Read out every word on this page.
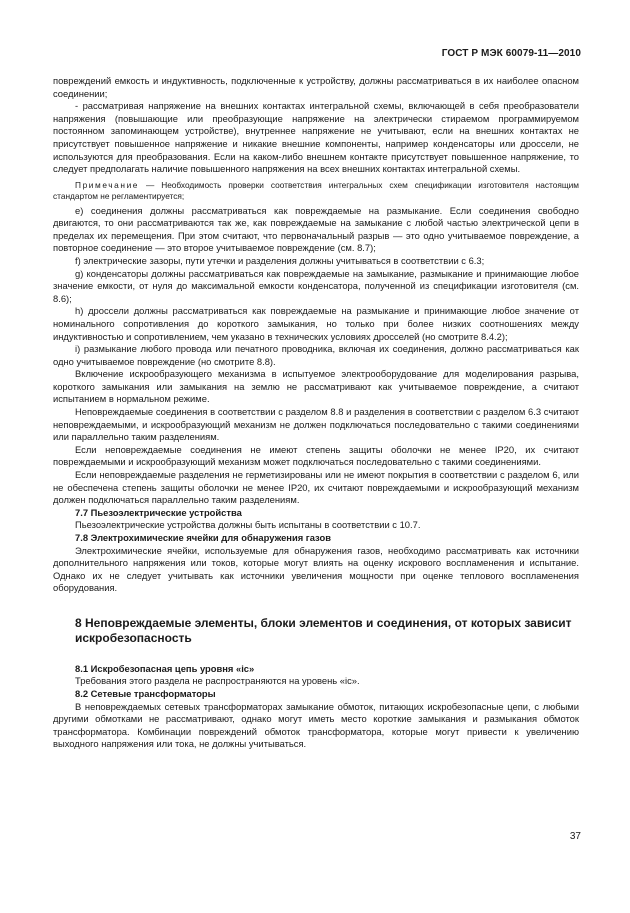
ГОСТ Р МЭК 60079-11—2010

повреждений емкость и индуктивность, подключенные к устройству, должны рассматриваться в их наиболее опасном соединении;

- рассматривая напряжение на внешних контактах интегральной схемы, включающей в себя преобразователи напряжения (повышающие или преобразующие напряжение на электрически стираемом программируемом постоянном запоминающем устройстве), внутреннее напряжение не учитывают, если на внешних контактах не присутствует повышенное напряжение и никакие внешние компоненты, например конденсаторы или дроссели, не используются для преобразования. Если на каком-либо внешнем контакте присутствует повышенное напряжение, то следует предполагать наличие повышенного напряжения на всех внешних контактах интегральной схемы.

Примечание — Необходимость проверки соответствия интегральных схем спецификации изготовителя настоящим стандартом не регламентируется;

е) соединения должны рассматриваться как повреждаемые на размыкание. Если соединения свободно двигаются, то они рассматриваются так же, как повреждаемые на замыкание с любой частью электрической цепи в пределах их перемещения. При этом считают, что первоначальный разрыв — это одно учитываемое повреждение, а повторное соединение — это второе учитываемое повреждение (см. 8.7);

f) электрические зазоры, пути утечки и разделения должны учитываться в соответствии с 6.3;

g) конденсаторы должны рассматриваться как повреждаемые на замыкание, размыкание и принимающие любое значение емкости, от нуля до максимальной емкости конденсатора, полученной из спецификации изготовителя (см. 8.6);

h) дроссели должны рассматриваться как повреждаемые на размыкание и принимающие любое значение от номинального сопротивления до короткого замыкания, но только при более низких соотношениях между индуктивностью и сопротивлением, чем указано в технических условиях дросселей (но смотрите 8.4.2);

i) размыкание любого провода или печатного проводника, включая их соединения, должно рассматриваться как одно учитываемое повреждение (но смотрите 8.8).

Включение искрообразующего механизма в испытуемое электрооборудование для моделирования разрыва, короткого замыкания или замыкания на землю не рассматривают как учитываемое повреждение, а считают испытанием в нормальном режиме.

Неповреждаемые соединения в соответствии с разделом 8.8 и разделения в соответствии с разделом 6.3 считают неповреждаемыми, и искрообразующий механизм не должен подключаться последовательно с такими соединениями или параллельно таким разделениям.

Если неповреждаемые соединения не имеют степень защиты оболочки не менее IP20, их считают повреждаемыми и искрообразующий механизм может подключаться последовательно с такими соединениями.

Если неповреждаемые разделения не герметизированы или не имеют покрытия в соответствии с разделом 6, или не обеспечена степень защиты оболочки не менее IP20, их считают повреждаемыми и искрообразующий механизм должен подключаться параллельно таким разделениям.

7.7 Пьезоэлектрические устройства

Пьезоэлектрические устройства должны быть испытаны в соответствии с 10.7.

7.8 Электрохимические ячейки для обнаружения газов

Электрохимические ячейки, используемые для обнаружения газов, необходимо рассматривать как источники дополнительного напряжения или токов, которые могут влиять на оценку искрового воспламенения и испытание. Однако их не следует учитывать как источники увеличения мощности при оценке теплового воспламенения оборудования.

8 Неповреждаемые элементы, блоки элементов и соединения, от которых зависит искробезопасность

8.1 Искробезопасная цепь уровня «ic»

Требования этого раздела не распространяются на уровень «ic».

8.2 Сетевые трансформаторы

В неповреждаемых сетевых трансформаторах замыкание обмоток, питающих искробезопасные цепи, с любыми другими обмотками не рассматривают, однако могут иметь место короткие замыкания и размыкания обмоток трансформатора. Комбинации повреждений обмоток трансформатора, которые могут привести к увеличению выходного напряжения или тока, не должны учитываться.

37
